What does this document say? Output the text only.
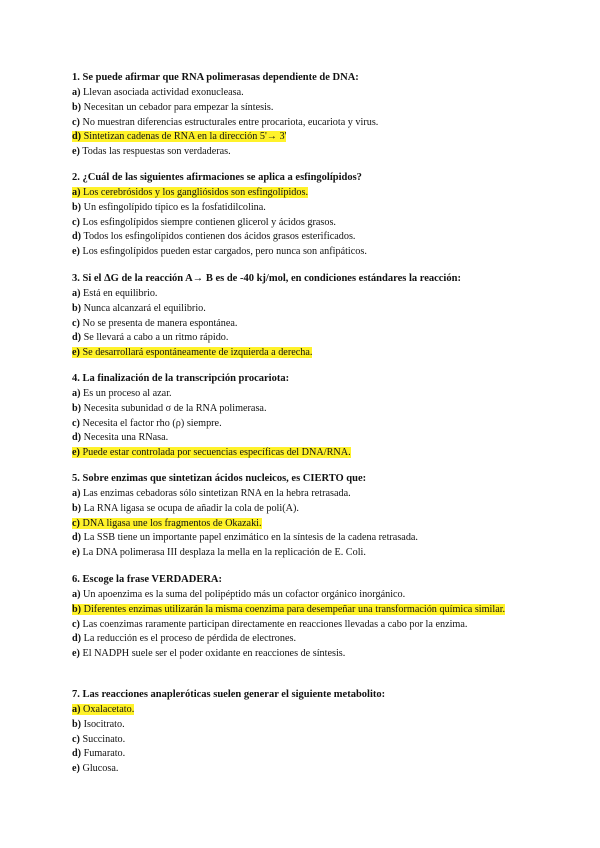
1. Se puede afirmar que RNA polimerasas dependiente de DNA:

a) Llevan asociada actividad exonucleasa.

b) Necesitan un cebador para empezar la síntesis.

c) No muestran diferencias estructurales entre procariota, eucariota y virus.

d) Sintetizan cadenas de RNA en la dirección 5'→ 3'

e) Todas las respuestas son verdaderas.

2. ¿Cuál de las siguientes afirmaciones se aplica a esfingolípidos?

a) Los cerebrósidos y los gangliósidos son esfingolípidos.

b) Un esfingolípido típico es la fosfatidilcolina.

c) Los esfingolípidos siempre contienen glicerol y ácidos grasos.

d) Todos los esfingolípidos contienen dos ácidos grasos esterificados.

e) Los esfingolípidos pueden estar cargados, pero nunca son anfipáticos.

3. Si el ΔG de la reacción A→ B es de -40 kj/mol, en condiciones estándares la reacción:

a) Está en equilibrio.

b) Nunca alcanzará el equilibrio.

c) No se presenta de manera espontánea.

d) Se llevará a cabo a un ritmo rápido.

e) Se desarrollará espontáneamente de izquierda a derecha.

4. La finalización de la transcripción procariota:

a) Es un proceso al azar.

b) Necesita subunidad σ de la RNA polimerasa.

c) Necesita el factor rho (ρ) siempre.

d) Necesita una RNasa.

e) Puede estar controlada por secuencias específicas del DNA/RNA.

5. Sobre enzimas que sintetizan ácidos nucleicos, es CIERTO que:

a) Las enzimas cebadoras sólo sintetizan RNA en la hebra retrasada.

b) La RNA ligasa se ocupa de añadir la cola de poli(A).

c) DNA ligasa une los fragmentos de Okazaki.

d) La SSB tiene un importante papel enzimático en la síntesis de la cadena retrasada.

e) La DNA polimerasa III desplaza la mella en la replicación de E. Coli.

6. Escoge la frase VERDADERA:

a) Un apoenzima es la suma del polipéptido más un cofactor orgánico inorgánico.

b) Diferentes enzimas utilizarán la misma coenzima para desempeñar una transformación química similar.

c) Las coenzimas raramente participan directamente en reacciones llevadas a cabo por la enzima.

d) La reducción es el proceso de pérdida de electrones.

e) El NADPH suele ser el poder oxidante en reacciones de síntesis.

7. Las reacciones anapleróticas suelen generar el siguiente metabolito:

a) Oxalacetato.

b) Isocitrato.

c) Succinato.

d) Fumarato.

e) Glucosa.
